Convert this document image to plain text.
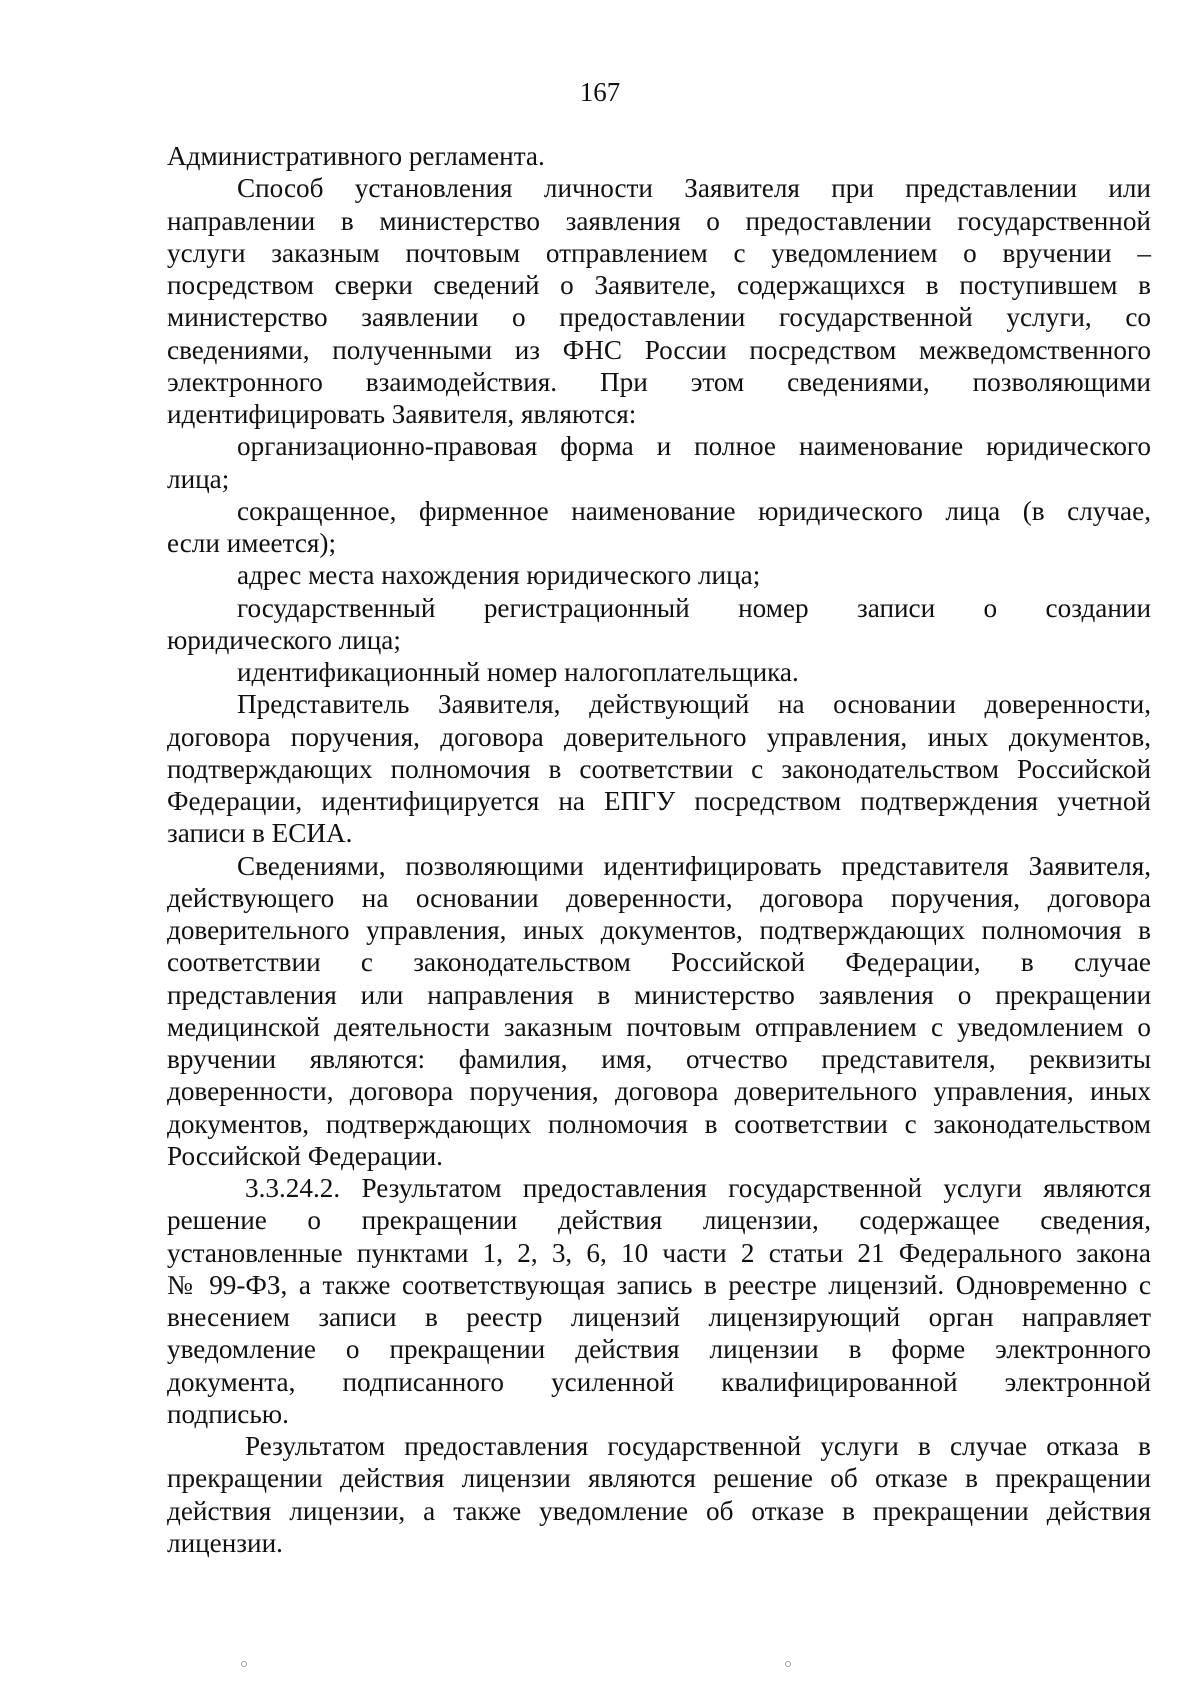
167
Административного регламента.
Способ установления личности Заявителя при представлении или
направлении в министерство заявления о предоставлении государственной
услуги заказным почтовым отправлением с уведомлением о вручении –
посредством сверки сведений о Заявителе, содержащихся в поступившем в
министерство заявлении о предоставлении государственной услуги, со
сведениями, полученными из ФНС России посредством межведомственного
электронного взаимодействия. При этом сведениями, позволяющими
идентифицировать Заявителя, являются:
организационно-правовая форма и полное наименование юридического
лица;
сокращенное, фирменное наименование юридического лица (в случае,
если имеется);
адрес места нахождения юридического лица;
государственный регистрационный номер записи о создании
юридического лица;
идентификационный номер налогоплательщика.
Представитель Заявителя, действующий на основании доверенности,
договора поручения, договора доверительного управления, иных документов,
подтверждающих полномочия в соответствии с законодательством Российской
Федерации, идентифицируется на ЕПГУ посредством подтверждения учетной
записи в ЕСИА.
Сведениями, позволяющими идентифицировать представителя Заявителя,
действующего на основании доверенности, договора поручения, договора
доверительного управления, иных документов, подтверждающих полномочия в
соответствии с законодательством Российской Федерации, в случае
представления или направления в министерство заявления о прекращении
медицинской деятельности заказным почтовым отправлением с уведомлением о
вручении являются: фамилия, имя, отчество представителя, реквизиты
доверенности, договора поручения, договора доверительного управления, иных
документов, подтверждающих полномочия в соответствии с законодательством
Российской Федерации.
3.3.24.2. Результатом предоставления государственной услуги являются
решение о прекращении действия лицензии, содержащее сведения,
установленные пунктами 1, 2, 3, 6, 10 части 2 статьи 21 Федерального закона
№ 99-ФЗ, а также соответствующая запись в реестре лицензий. Одновременно с
внесением записи в реестр лицензий лицензирующий орган направляет
уведомление о прекращении действия лицензии в форме электронного
документа, подписанного усиленной квалифицированной электронной
подписью.
Результатом предоставления государственной услуги в случае отказа в
прекращении действия лицензии являются решение об отказе в прекращении
действия лицензии, а также уведомление об отказе в прекращении действия
лицензии.
